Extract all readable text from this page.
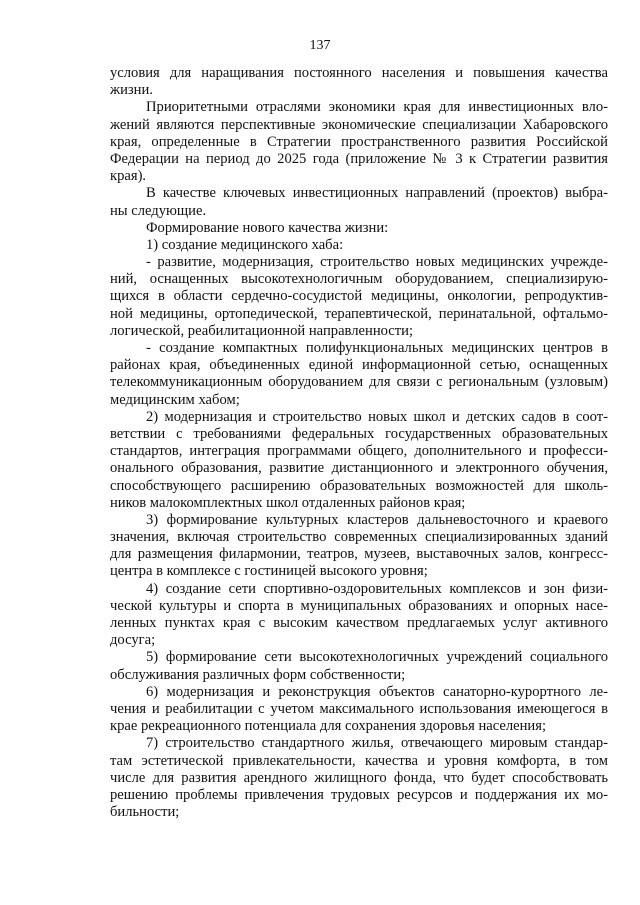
137
условия для наращивания постоянного населения и повышения качества
жизни.
Приоритетными отраслями экономики края для инвестиционных вло-
жений являются перспективные экономические специализации Хабаровского
края, определенные в Стратегии пространственного развития Российской
Федерации на период до 2025 года (приложение № 3 к Стратегии развития
края).
В качестве ключевых инвестиционных направлений (проектов) выбра-
ны следующие.
Формирование нового качества жизни:
1) создание медицинского хаба:
- развитие, модернизация, строительство новых медицинских учрежде-
ний, оснащенных высокотехнологичным оборудованием, специализирую-
щихся в области сердечно-сосудистой медицины, онкологии, репродуктив-
ной медицины, ортопедической, терапевтической, перинатальной, офтальмо-
логической, реабилитационной направленности;
- создание компактных полифункциональных медицинских центров в
районах края, объединенных единой информационной сетью, оснащенных
телекоммуникационным оборудованием для связи с региональным (узловым)
медицинским хабом;
2) модернизация и строительство новых школ и детских садов в соот-
ветствии с требованиями федеральных государственных образовательных
стандартов, интеграция программами общего, дополнительного и професси-
онального образования, развитие дистанционного и электронного обучения,
способствующего расширению образовательных возможностей для школь-
ников малокомплектных школ отдаленных районов края;
3) формирование культурных кластеров дальневосточного и краевого
значения, включая строительство современных специализированных зданий
для размещения филармонии, театров, музеев, выставочных залов, конгресс-
центра в комплексе с гостиницей высокого уровня;
4) создание сети спортивно-оздоровительных комплексов и зон физи-
ческой культуры и спорта в муниципальных образованиях и опорных насе-
ленных пунктах края с высоким качеством предлагаемых услуг активного
досуга;
5) формирование сети высокотехнологичных учреждений социального
обслуживания различных форм собственности;
6) модернизация и реконструкция объектов санаторно-курортного ле-
чения и реабилитации с учетом максимального использования имеющегося в
крае рекреационного потенциала для сохранения здоровья населения;
7) строительство стандартного жилья, отвечающего мировым стандар-
там эстетической привлекательности, качества и уровня комфорта, в том
числе для развития арендного жилищного фонда, что будет способствовать
решению проблемы привлечения трудовых ресурсов и поддержания их мо-
бильности;
